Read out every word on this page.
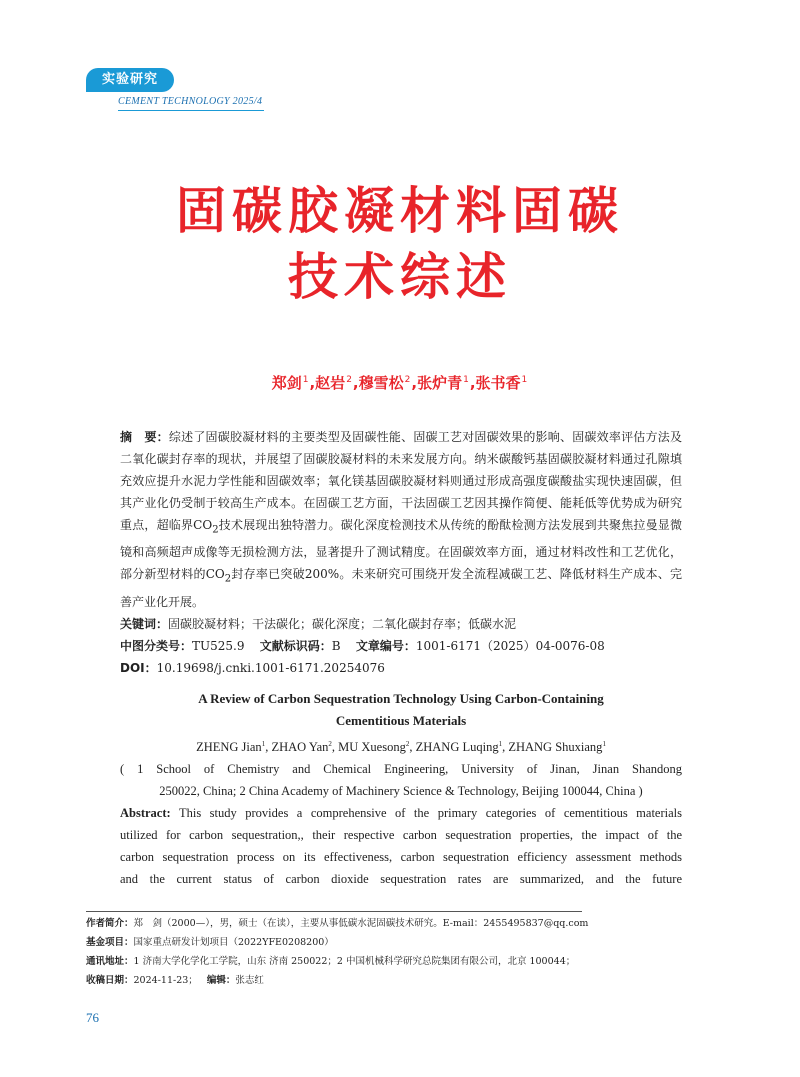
实验研究
CEMENT TECHNOLOGY 2025/4
固碳胶凝材料固碳
技术综述
郑剑$^1$,赵岩$^2$,穆雪松$^2$,张炉青$^1$,张书香$^1$

摘　要：综述了固碳胶凝材料的主要类型及固碳性能、固碳工艺对固碳效果的影响、固碳效率评估方法及二氧化碳封存率的现状，并展望了固碳胶凝材料的未来发展方向。纳米碳酸钙基固碳胶凝材料通过孔隙填充效应提升水泥力学性能和固碳效率；氧化镁基固碳胶凝材料则通过形成高强度碳酸盐实现快速固碳，但其产业化仍受制于较高生产成本。在固碳工艺方面，干法固碳工艺因其操作简便、能耗低等优势成为研究重点，超临界$CO_2$技术展现出独特潜力。碳化深度检测技术从传统的酚酞检测方法发展到共聚焦拉曼显微镜和高频超声成像等无损检测方法，显著提升了测试精度。在固碳效率方面，通过材料改性和工艺优化，部分新型材料的$CO_2$封存率已突破200%。未来研究可围绕开发全流程减碳工艺、降低材料生产成本、完善产业化开展。

关键词：固碳胶凝材料；干法碳化；碳化深度；二氧化碳封存率；低碳水泥

中图分类号：TU525.9 文献标识码：B 文章编号：1001-6171（2025）04-0076-08

DOI：10.19698/j.cnki.1001-6171.20254076

A Review of Carbon Sequestration Technology Using Carbon-Containing
Cementitious Materials

ZHENG Jian$^1$, ZHAO Yan$^2$, MU Xuesong$^2$, ZHANG Luqing$^1$, ZHANG Shuxiang$^1$

( 1 School of Chemistry and Chemical Engineering, University of Jinan, Jinan Shandong

250022, China; 2 China Academy of Machinery Science & Technology, Beijing 100044, China )

Abstract: This study provides a comprehensive of the primary categories of cementitious materials

utilized for carbon sequestration,, their respective carbon sequestration properties, the impact of the

carbon sequestration process on its effectiveness, carbon sequestration efficiency assessment methods

and the current status of carbon dioxide sequestration rates are summarized, and the future

作者简介：郑　剑（2000—），男，硕士（在读），主要从事低碳水泥固碳技术研究。E-mail：2455495837@qq.com

基金项目：国家重点研发计划项目（2022YFE0208200）

通讯地址：1 济南大学化学化工学院，山东 济南 250022；2 中国机械科学研究总院集团有限公司，北京 100044；

收稿日期：2024-11-23； 编辑：张志红

76
